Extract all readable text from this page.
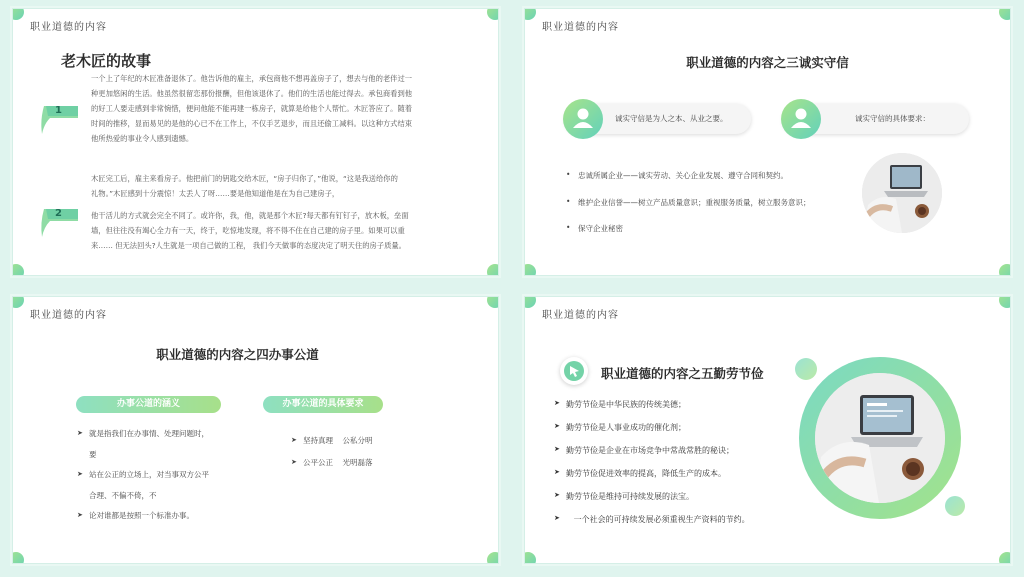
职业道德的内容
老木匠的故事
1
2
一个上了年纪的木匠准备退休了。他告诉他的雇主，承包商他不想再盖房子了，想去与他的老伴过一
种更加悠闲的生活。他虽然很留恋那份报酬，但他该退休了。他们的生活也能过得去。承包商看到他
的好工人要走感到非常惋惜，便问他能不能再建一栋房子，就算是给他个人帮忙。木匠答应了。随着
时间的推移，显而易见的是他的心已不在工作上，不仅手艺退步，而且还偷工减料。以这种方式结束
他所热爱的事业令人感到遗憾。
木匠完工后，雇主来看房子。他把前门的钥匙交给木匠，“房子归你了，”他说，“这是我送给你的
礼物。”木匠感到十分震惊！太丢人了呀……要是他知道他是在为自己建房子，
他干活儿的方式就会完全不同了。或许你，我，他，就是那个木匠?每天都有钉钉子，放木板，垒面
墙，但往往没有竭心全力有一天，终于，吃惊地发现，将不得不住在自己建的房子里。如果可以重
来…… 但无法回头?人生就是一项自己做的工程， 我们今天做事的态度决定了明天住的房子质量。
职业道德的内容
职业道德的内容之三诚实守信
诚实守信是为人之本、从业之要。	诚实守信的具体要求：
• 忠诚所属企业——诚实劳动、关心企业发展、遵守合同和契约。
• 维护企业信誉——树立产品质量意识；重视服务质量，树立服务意识；
• 保守企业秘密
职业道德的内容
职业道德的内容之四办事公道
办事公道的涵义	办事公道的具体要求
➤ 就是指我们在办事情、处理问题时，
要
➤ 站在公正的立场上，对当事双方公平
合理、不偏不倚，不
➤ 论对谁都是按照一个标准办事。
➤ 坚持真理    公私分明
➤ 公平公正    光明磊落
职业道德的内容
职业道德的内容之五勤劳节俭
➤ 勤劳节俭是中华民族的传统美德；
➤ 勤劳节俭是人事业成功的催化剂；
➤ 勤劳节俭是企业在市场竞争中常战常胜的秘诀；
➤ 勤劳节俭促进效率的提高，降低生产的成本。
➤ 勤劳节俭是维持可持续发展的法宝。
➤ 一个社会的可持续发展必须重视生产资料的节约。
